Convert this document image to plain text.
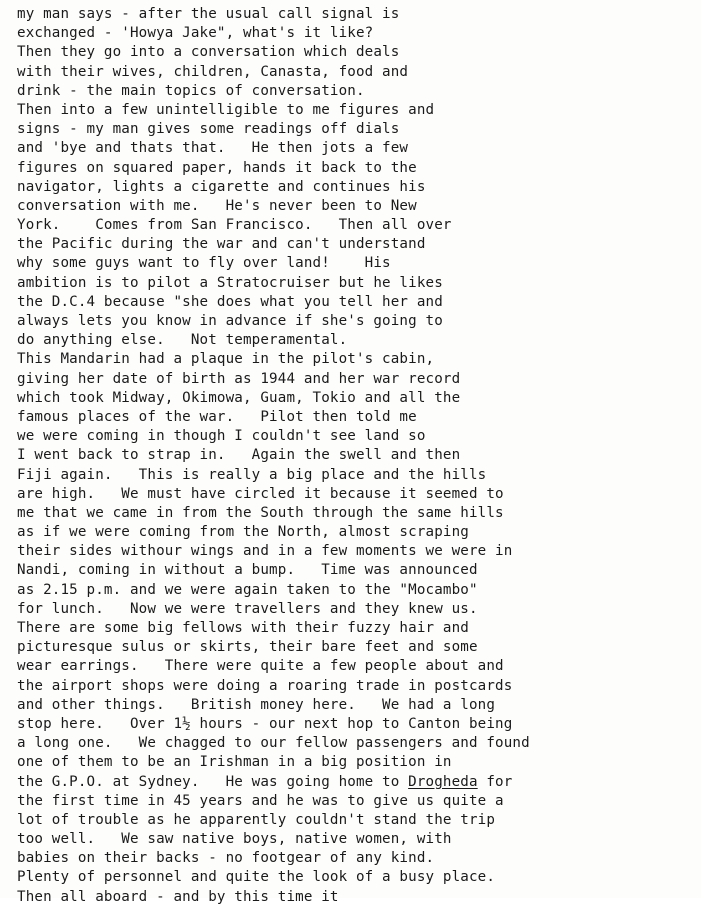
my man says - after the usual call signal is
exchanged - 'Howya Jake", what's it like?
Then they go into a conversation which deals
with their wives, children, Canasta, food and
drink - the main topics of conversation.
Then into a few unintelligible to me figures and
signs - my man gives some readings off dials
and 'bye and thats that.   He then jots a few
figures on squared paper, hands it back to the
navigator, lights a cigarette and continues his
conversation with me.   He's never been to New
York.    Comes from San Francisco.   Then all over
the Pacific during the war and can't understand
why some guys want to fly over land!    His
ambition is to pilot a Stratocruiser but he likes
the D.C.4 because "she does what you tell her and
always lets you know in advance if she's going to
do anything else.   Not temperamental.
This Mandarin had a plaque in the pilot's cabin,
giving her date of birth as 1944 and her war record
which took Midway, Okimowa, Guam, Tokio and all the
famous places of the war.   Pilot then told me
we were coming in though I couldn't see land so
I went back to strap in.   Again the swell and then
Fiji again.   This is really a big place and the hills
are high.   We must have circled it because it seemed to
me that we came in from the South through the same hills
as if we were coming from the North, almost scraping
their sides withour wings and in a few moments we were in
Nandi, coming in without a bump.   Time was announced
as 2.15 p.m. and we were again taken to the "Mocambo"
for lunch.   Now we were travellers and they knew us.
There are some big fellows with their fuzzy hair and
picturesque sulus or skirts, their bare feet and some
wear earrings.   There were quite a few people about and
the airport shops were doing a roaring trade in postcards
and other things.   British money here.   We had a long
stop here.   Over 1½ hours - our next hop to Canton being
a long one.   We chagged to our fellow passengers and found
one of them to be an Irishman in a big position in
the G.P.O. at Sydney.   He was going home to Drogheda for
the first time in 45 years and he was to give us quite a
lot of trouble as he apparently couldn't stand the trip
too well.   We saw native boys, native women, with
babies on their backs - no footgear of any kind.
Plenty of personnel and quite the look of a busy place.
Then all aboard - and by this time it
